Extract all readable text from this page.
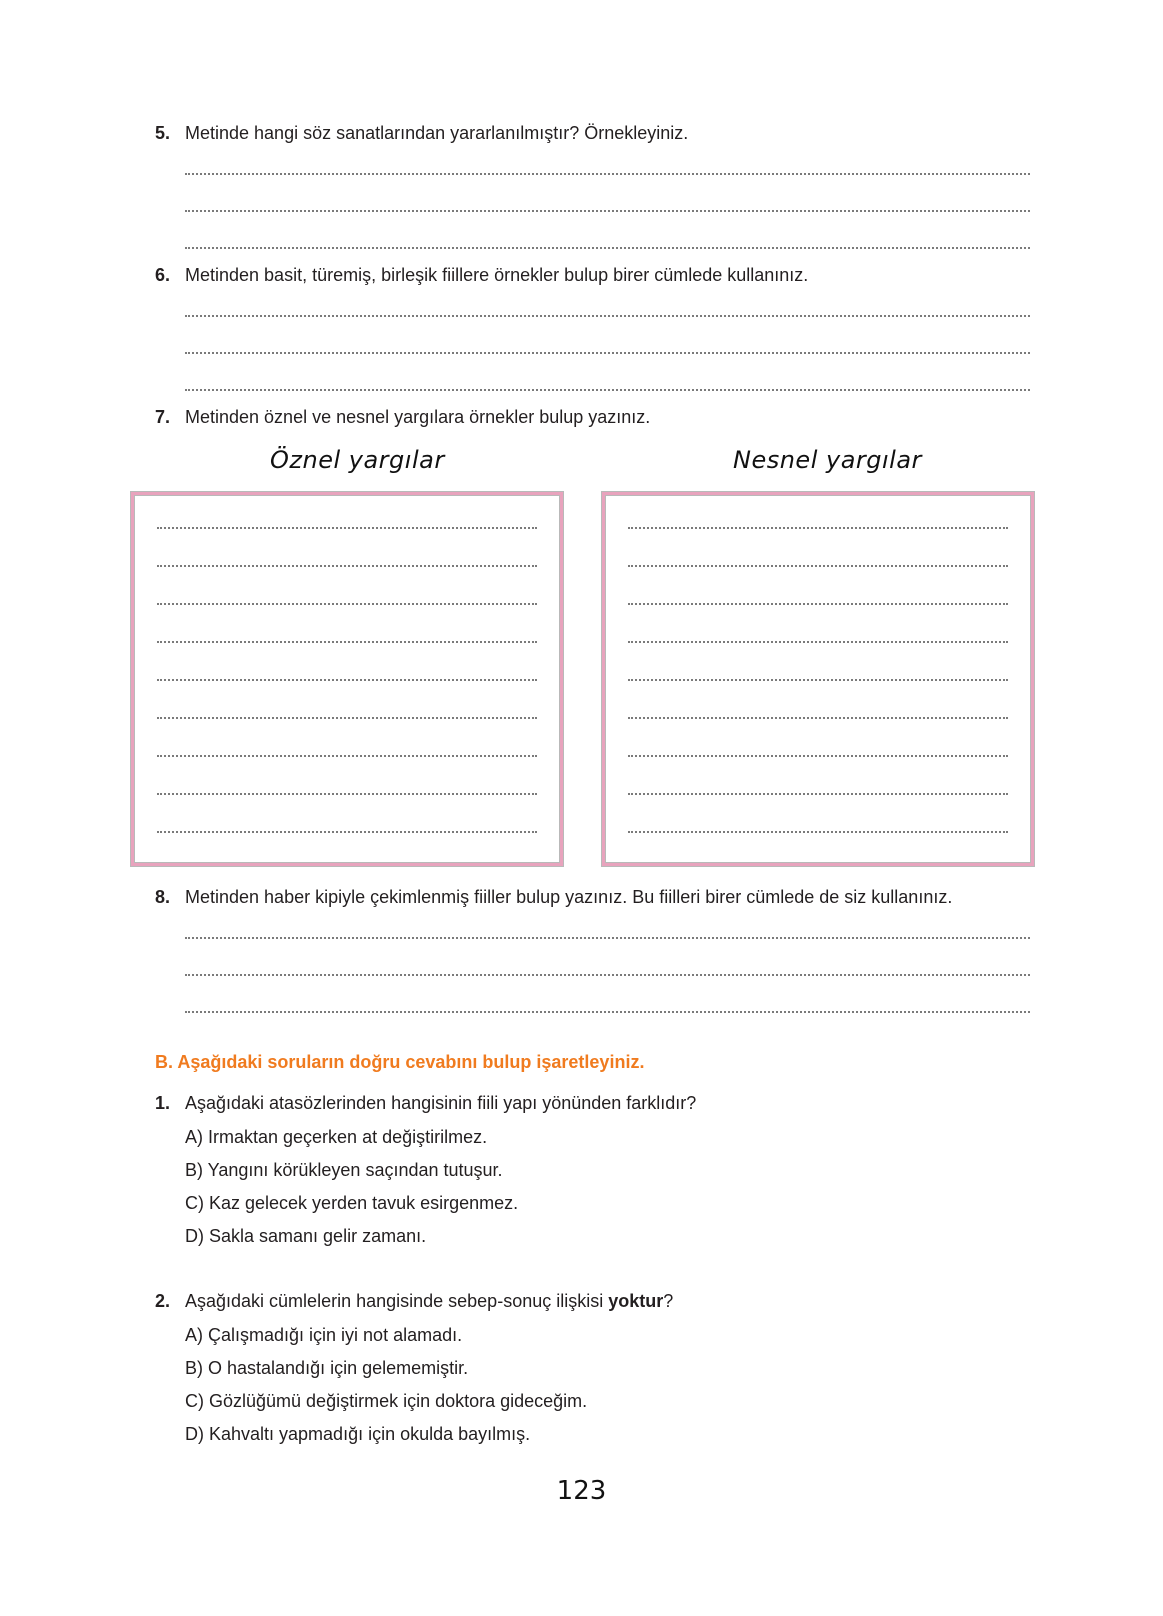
5. Metinde hangi söz sanatlarından yararlanılmıştır? Örnekleyiniz.
6. Metinden basit, türemiş, birleşik fiillere örnekler bulup birer cümlede kullanınız.
7. Metinden öznel ve nesnel yargılara örnekler bulup yazınız.
Öznel yargılar	Nesnel yargılar
8. Metinden haber kipiyle çekimlenmiş fiiller bulup yazınız. Bu fiilleri birer cümlede de siz kullanınız.
B. Aşağıdaki soruların doğru cevabını bulup işaretleyiniz.
1. Aşağıdaki atasözlerinden hangisinin fiili yapı yönünden farklıdır?
A) Irmaktan geçerken at değiştirilmez.
B) Yangını körükleyen saçından tutuşur.
C) Kaz gelecek yerden tavuk esirgenmez.
D) Sakla samanı gelir zamanı.
2. Aşağıdaki cümlelerin hangisinde sebep-sonuç ilişkisi yoktur?
A) Çalışmadığı için iyi not alamadı.
B) O hastalandığı için gelememiştir.
C) Gözlüğümü değiştirmek için doktora gideceğim.
D) Kahvaltı yapmadığı için okulda bayılmış.
123
